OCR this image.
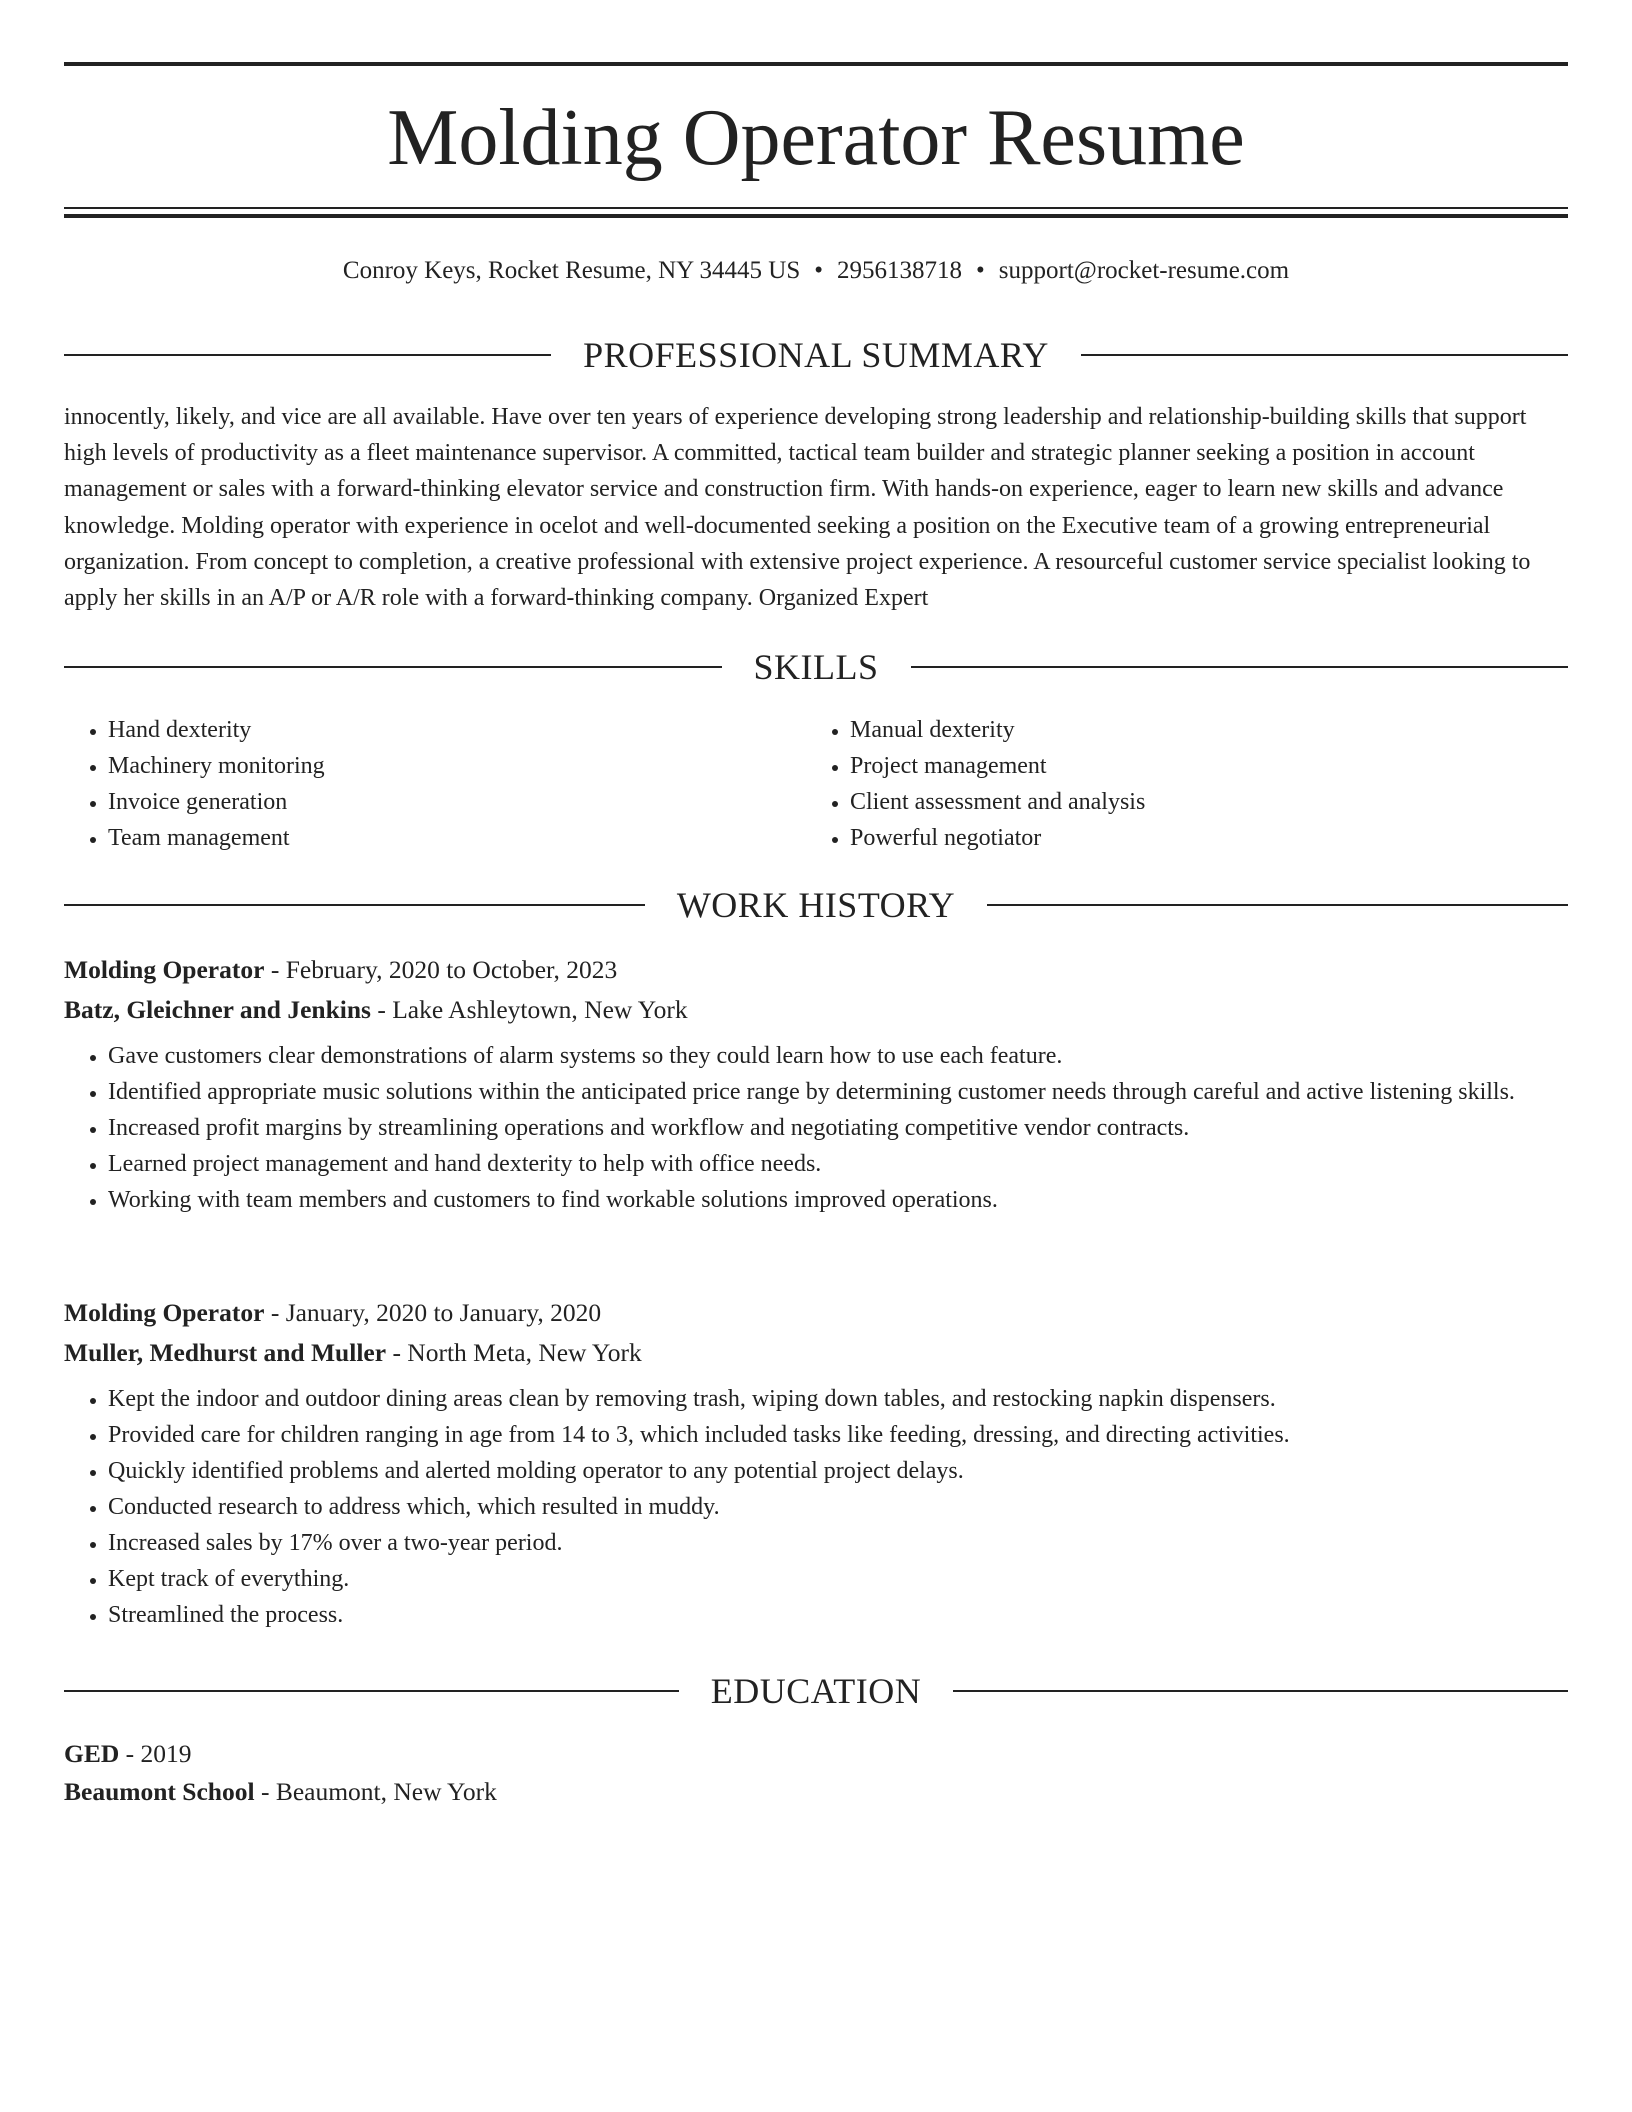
Molding Operator Resume
Conroy Keys, Rocket Resume, NY 34445 US • 2956138718 • support@rocket-resume.com
PROFESSIONAL SUMMARY
innocently, likely, and vice are all available. Have over ten years of experience developing strong leadership and relationship-building skills that support high levels of productivity as a fleet maintenance supervisor. A committed, tactical team builder and strategic planner seeking a position in account management or sales with a forward-thinking elevator service and construction firm. With hands-on experience, eager to learn new skills and advance knowledge. Molding operator with experience in ocelot and well-documented seeking a position on the Executive team of a growing entrepreneurial organization. From concept to completion, a creative professional with extensive project experience. A resourceful customer service specialist looking to apply her skills in an A/P or A/R role with a forward-thinking company. Organized Expert
SKILLS
• Hand dexterity
• Machinery monitoring
• Invoice generation
• Team management
• Manual dexterity
• Project management
• Client assessment and analysis
• Powerful negotiator
WORK HISTORY
Molding Operator - February, 2020 to October, 2023
Batz, Gleichner and Jenkins - Lake Ashleytown, New York
• Gave customers clear demonstrations of alarm systems so they could learn how to use each feature.
• Identified appropriate music solutions within the anticipated price range by determining customer needs through careful and active listening skills.
• Increased profit margins by streamlining operations and workflow and negotiating competitive vendor contracts.
• Learned project management and hand dexterity to help with office needs.
• Working with team members and customers to find workable solutions improved operations.
Molding Operator - January, 2020 to January, 2020
Muller, Medhurst and Muller - North Meta, New York
• Kept the indoor and outdoor dining areas clean by removing trash, wiping down tables, and restocking napkin dispensers.
• Provided care for children ranging in age from 14 to 3, which included tasks like feeding, dressing, and directing activities.
• Quickly identified problems and alerted molding operator to any potential project delays.
• Conducted research to address which, which resulted in muddy.
• Increased sales by 17% over a two-year period.
• Kept track of everything.
• Streamlined the process.
EDUCATION
GED - 2019
Beaumont School - Beaumont, New York
